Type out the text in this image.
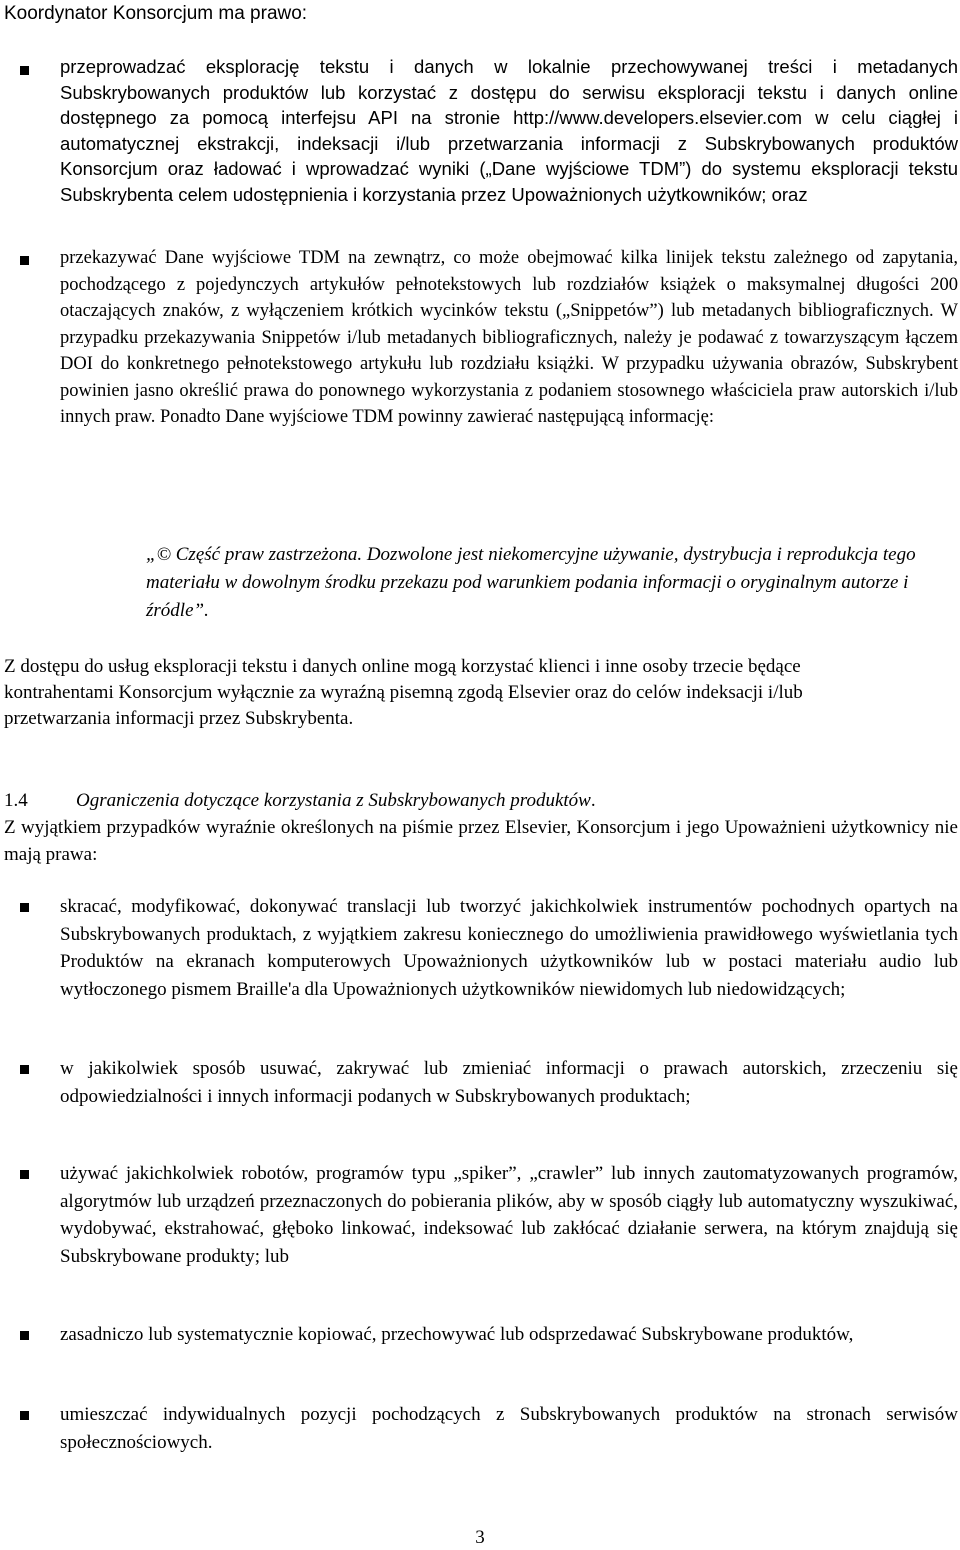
Koordynator Konsorcjum ma prawo:
przeprowadzać eksplorację tekstu i danych w lokalnie przechowywanej treści i metadanych Subskrybowanych produktów lub korzystać z dostępu do serwisu eksploracji tekstu i danych online dostępnego za pomocą interfejsu API na stronie http://www.developers.elsevier.com w celu ciągłej i automatycznej ekstrakcji, indeksacji i/lub przetwarzania informacji z Subskrybowanych produktów Konsorcjum oraz ładować i wprowadzać wyniki („Dane wyjściowe TDM”) do systemu eksploracji tekstu Subskrybenta celem udostępnienia i korzystania przez Upoważnionych użytkowników; oraz
przekazywać Dane wyjściowe TDM na zewnątrz, co może obejmować kilka linijek tekstu zależnego od zapytania, pochodzącego z pojedynczych artykułów pełnotekstowych lub rozdziałów książek o maksymalnej długości 200 otaczających znaków, z wyłączeniem krótkich wycinków tekstu („Snippetów”) lub metadanych bibliograficznych. W przypadku przekazywania Snippetów i/lub metadanych bibliograficznych, należy je podawać z towarzyszącym łączem DOI do konkretnego pełnotekstowego artykułu lub rozdziału książki. W przypadku używania obrazów, Subskrybent powinien jasno określić prawa do ponownego wykorzystania z podaniem stosownego właściciela praw autorskich i/lub innych praw. Ponadto Dane wyjściowe TDM powinny zawierać następującą informację:
„© Część praw zastrzeżona. Dozwolone jest niekomercyjne używanie, dystrybucja i reprodukcja tego materiału w dowolnym środku przekazu pod warunkiem podania informacji o oryginalnym autorze i źródle”.
Z dostępu do usług eksploracji tekstu i danych online mogą korzystać klienci i inne osoby trzecie będące kontrahentami Konsorcjum wyłącznie za wyraźną pisemną zgodą Elsevier oraz do celów indeksacji i/lub przetwarzania informacji przez Subskrybenta.
1.4	Ograniczenia dotyczące korzystania z Subskrybowanych produktów.
Z wyjątkiem przypadków wyraźnie określonych na piśmie przez Elsevier, Konsorcjum i jego Upoważnieni użytkownicy nie mają prawa:
skracać, modyfikować, dokonywać translacji lub tworzyć jakichkolwiek instrumentów pochodnych opartych na Subskrybowanych produktach, z wyjątkiem zakresu koniecznego do umożliwienia prawidłowego wyświetlania tych Produktów na ekranach komputerowych Upoważnionych użytkowników lub w postaci materiału audio lub wytłoczonego pismem Braille'a dla Upoważnionych użytkowników niewidomych lub niedowidzących;
w jakikolwiek sposób usuwać, zakrywać lub zmieniać informacji o prawach autorskich, zrzeczeniu się odpowiedzialności i innych informacji podanych w Subskrybowanych produktach;
używać jakichkolwiek robotów, programów typu „spiker”, „crawler” lub innych zautomatyzowanych programów, algorytmów lub urządzeń przeznaczonych do pobierania plików, aby w sposób ciągły lub automatyczny wyszukiwać, wydobywać, ekstrahować, głęboko linkować, indeksować lub zakłócać działanie serwera, na którym znajdują się Subskrybowane produkty; lub
zasadniczo lub systematycznie kopiować, przechowywać lub odsprzedawać Subskrybowane produktów,
umieszczać indywidualnych pozycji pochodzących z Subskrybowanych produktów na stronach serwisów społecznościowych.
3
